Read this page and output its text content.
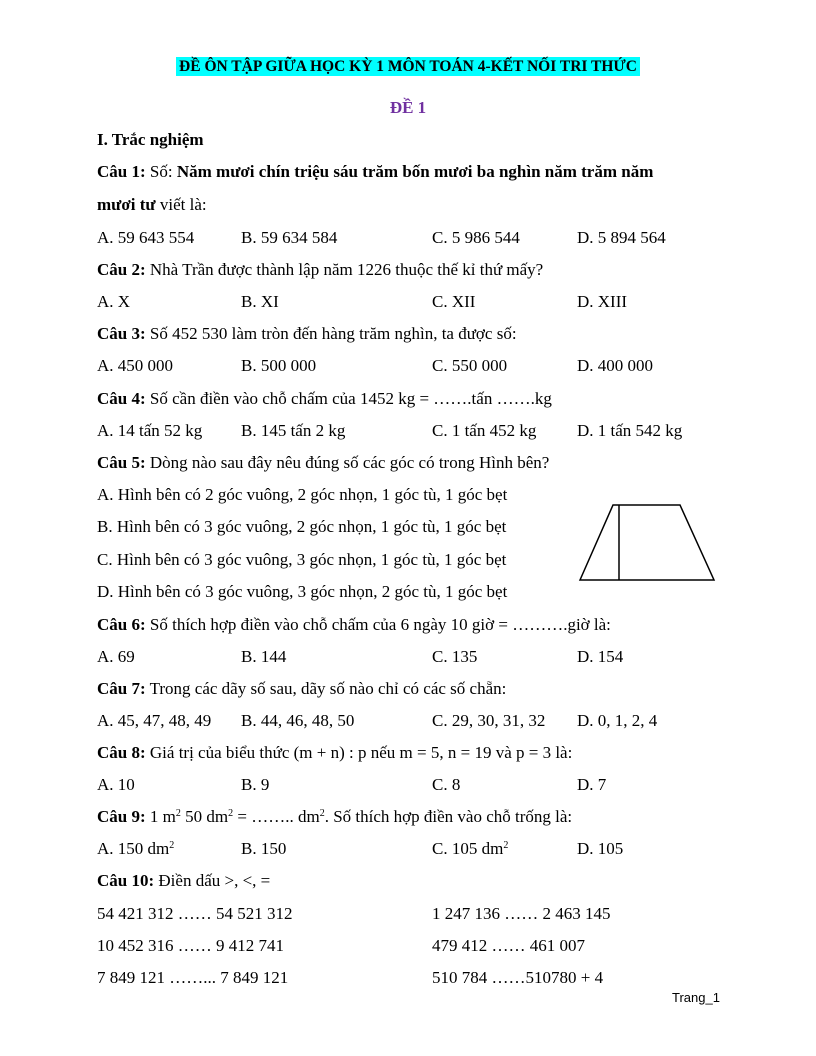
ĐỀ ÔN TẬP GIỮA HỌC KỲ 1 MÔN TOÁN 4-KẾT NỐI TRI THỨC
ĐỀ 1
I. Trắc nghiệm
Câu 1: Số: Năm mươi chín triệu sáu trăm bốn mươi ba nghìn năm trăm năm
mươi tư viết là:
A. 59 643 554	B. 59 634 584	C. 5 986 544	D. 5 894 564
Câu 2: Nhà Trần được thành lập năm 1226 thuộc thế kỉ thứ mấy?
A. X	B. XI	C. XII	D. XIII
Câu 3: Số 452 530 làm tròn đến hàng trăm nghìn, ta được số:
A. 450 000	B. 500 000	C. 550 000	D. 400 000
Câu 4: Số cần điền vào chỗ chấm của 1452 kg = …….tấn …….kg
A. 14 tấn 52 kg B. 145 tấn 2 kg	C. 1 tấn 452 kg D. 1 tấn 542 kg
Câu 5: Dòng nào sau đây nêu đúng số các góc có trong Hình bên?
A. Hình bên có 2 góc vuông, 2 góc nhọn, 1 góc tù, 1 góc bẹt
B. Hình bên có 3 góc vuông, 2 góc nhọn, 1 góc tù, 1 góc bẹt
C. Hình bên có 3 góc vuông, 3 góc nhọn, 1 góc tù, 1 góc bẹt
D. Hình bên có 3 góc vuông, 3 góc nhọn, 2 góc tù, 1 góc bẹt
Câu 6: Số thích hợp điền vào chỗ chấm của 6 ngày 10 giờ = ……….giờ là:
A. 69	B. 144	C. 135	D. 154
Câu 7: Trong các dãy số sau, dãy số nào chỉ có các số chẵn:
A. 45, 47, 48, 49 B. 44, 46, 48, 50	C. 29, 30, 31, 32 D. 0, 1, 2, 4
Câu 8: Giá trị của biểu thức (m + n) : p nếu m = 5, n = 19 và p = 3 là:
A. 10	B. 9	C. 8	D. 7
Câu 9: 1 $m^2$ 50 $dm^2$ = …….. $dm^2$. Số thích hợp điền vào chỗ trống là:
A. 150 $dm^2$	B. 150	C. 105 $dm^2$	D. 105
Câu 10: Điền dấu >, <, =
54 421 312 …… 54 521 312	1 247 136 …… 2 463 145
10 452 316 …… 9 412 741	479 412 …… 461 007
7 849 121 ……... 7 849 121	510 784 ……510780 + 4
Trang_1
